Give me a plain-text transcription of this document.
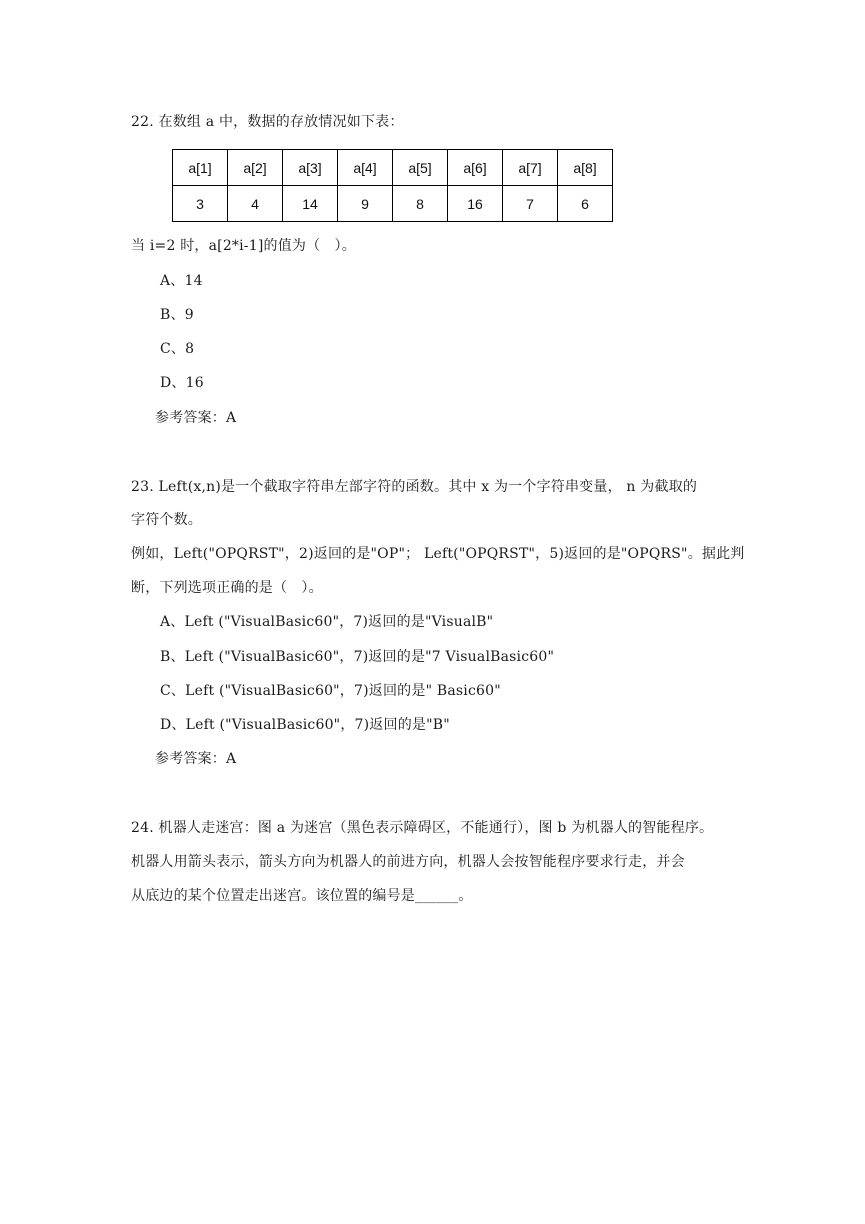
22. 在数组 a 中，数据的存放情况如下表：
a[1]	a[2]	a[3]	a[4]	a[5]	a[6]	a[7]	a[8]
3	4	14	9	8	16	7	6
当 i=2 时，a[2*i-1]的值为（　）。
A、14
B、9
C、8
D、16
参考答案：A
23. Left(x,n)是一个截取字符串左部字符的函数。其中 x 为一个字符串变量， n 为截取的
字符个数。
例如，Left("OPQRST"，2)返回的是"OP"； Left("OPQRST"，5)返回的是"OPQRS"。据此判
断，下列选项正确的是（　）。
A、Left ("VisualBasic60"，7)返回的是"VisualB"
B、Left ("VisualBasic60"，7)返回的是"7 VisualBasic60"
C、Left ("VisualBasic60"，7)返回的是" Basic60"
D、Left ("VisualBasic60"，7)返回的是"B"
参考答案：A
24. 机器人走迷宫：图 a 为迷宫（黑色表示障碍区，不能通行），图 b 为机器人的智能程序。
机器人用箭头表示，箭头方向为机器人的前进方向，机器人会按智能程序要求行走，并会
从底边的某个位置走出迷宫。该位置的编号是______。
